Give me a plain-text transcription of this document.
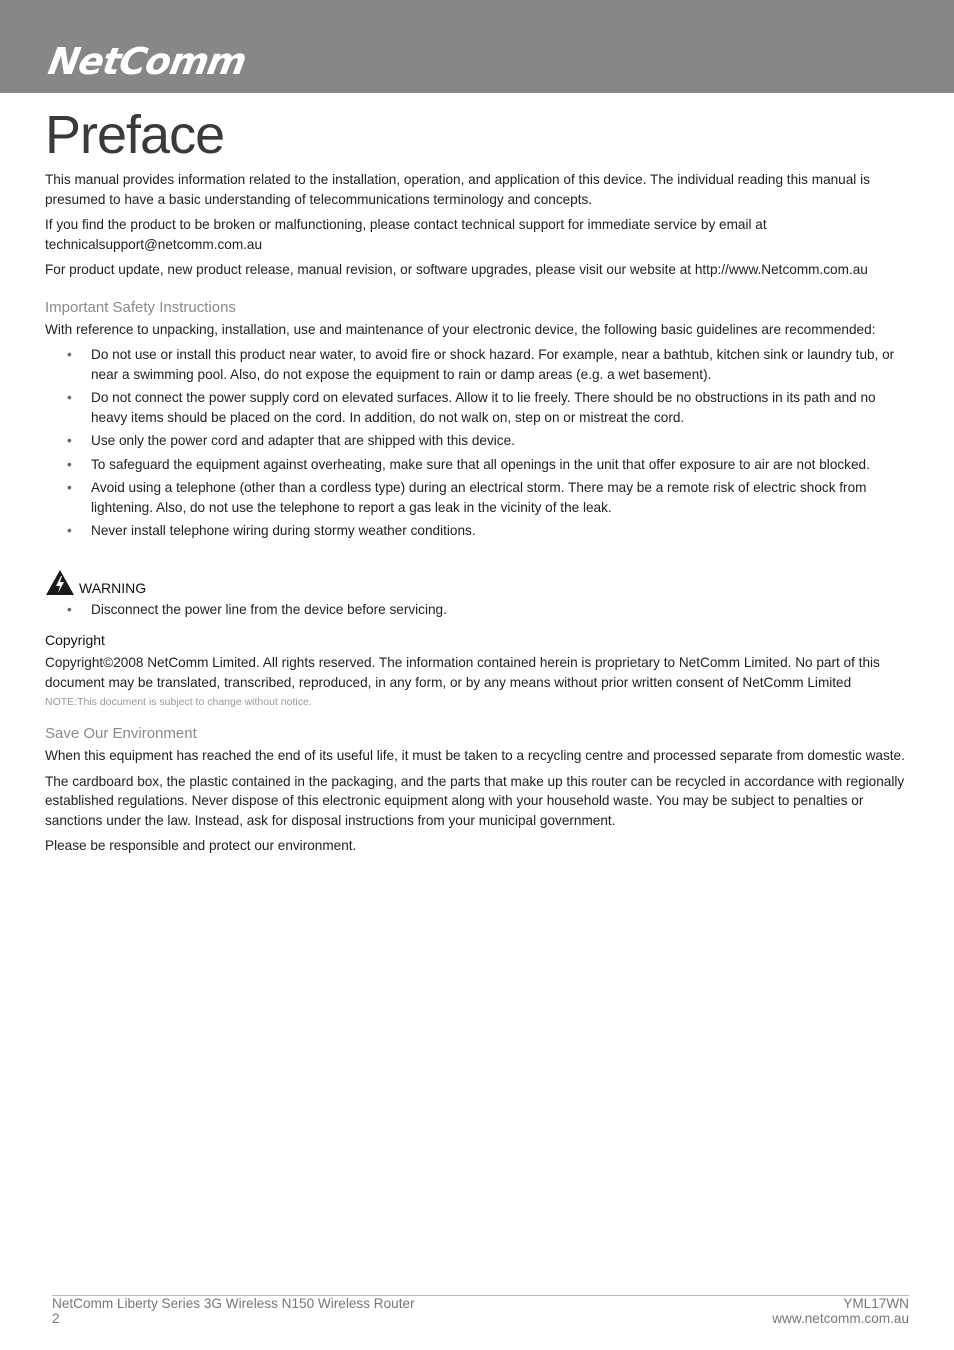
NetComm
Preface

This manual provides information related to the installation, operation, and application of this device. The individual reading this manual is presumed to have a basic understanding of telecommunications terminology and concepts.

If you find the product to be broken or malfunctioning, please contact technical support for immediate service by email at technicalsupport@netcomm.com.au

For product update, new product release, manual revision, or software upgrades, please visit our website at http://www.Netcomm.com.au

Important Safety Instructions

With reference to unpacking, installation, use and maintenance of your electronic device, the following basic guidelines are recommended:

• Do not use or install this product near water, to avoid fire or shock hazard. For example, near a bathtub, kitchen sink or laundry tub, or near a swimming pool. Also, do not expose the equipment to rain or damp areas (e.g. a wet basement).
• Do not connect the power supply cord on elevated surfaces. Allow it to lie freely. There should be no obstructions in its path and no heavy items should be placed on the cord. In addition, do not walk on, step on or mistreat the cord.
• Use only the power cord and adapter that are shipped with this device.
• To safeguard the equipment against overheating, make sure that all openings in the unit that offer exposure to air are not blocked.
• Avoid using a telephone (other than a cordless type) during an electrical storm. There may be a remote risk of electric shock from lightening. Also, do not use the telephone to report a gas leak in the vicinity of the leak.
• Never install telephone wiring during stormy weather conditions.
WARNING
• Disconnect the power line from the device before servicing.
Copyright

Copyright©2008 NetComm Limited. All rights reserved. The information contained herein is proprietary to NetComm Limited. No part of this document may be translated, transcribed, reproduced, in any form, or by any means without prior written consent of NetComm Limited

NOTE:This document is subject to change without notice.

Save Our Environment

When this equipment has reached the end of its useful life, it must be taken to a recycling centre and processed separate from domestic waste.

The cardboard box, the plastic contained in the packaging, and the parts that make up this router can be recycled in accordance with regionally established regulations. Never dispose of this electronic equipment along with your household waste. You may be subject to penalties or sanctions under the law. Instead, ask for disposal instructions from your municipal government.

Please be responsible and protect our environment.

NetComm Liberty Series 3G Wireless N150 Wireless Router
2
YML17WN
www.netcomm.com.au
